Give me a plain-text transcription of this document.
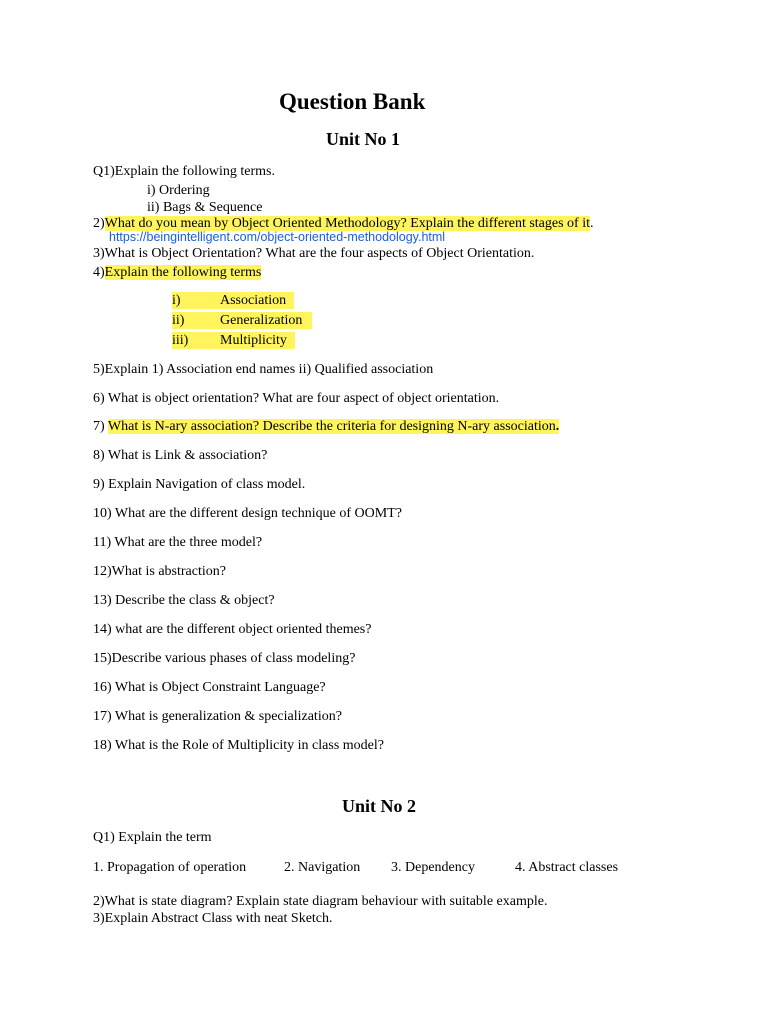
Question Bank
Unit No 1
Q1)Explain the following terms.
i) Ordering
ii) Bags & Sequence
2)What do you mean by Object Oriented Methodology? Explain the different stages of it.
https://beingintelligent.com/object-oriented-methodology.html
3)What is Object Orientation? What are the four aspects of Object Orientation.
4)Explain the following terms
i)	Association
ii)	Generalization
iii) Multiplicity
5)Explain 1) Association end names ii) Qualified association
6) What is object orientation? What are four aspect of object orientation.
7) What is N-ary association? Describe the criteria for designing N-ary association.
8) What is Link & association?
9) Explain Navigation of class model.
10) What are the different design technique of OOMT?
11) What are the three model?
12)What is abstraction?
13) Describe the class & object?
14) what are the different object oriented themes?
15)Describe various phases of class modeling?
16) What is Object Constraint Language?
17) What is generalization & specialization?
18) What is the Role of Multiplicity in class model?
Unit No 2
Q1) Explain the term
1. Propagation of operation	2. Navigation 3. Dependency	4. Abstract classes
2)What is state diagram? Explain state diagram behaviour with suitable example.
3)Explain Abstract Class with neat Sketch.
